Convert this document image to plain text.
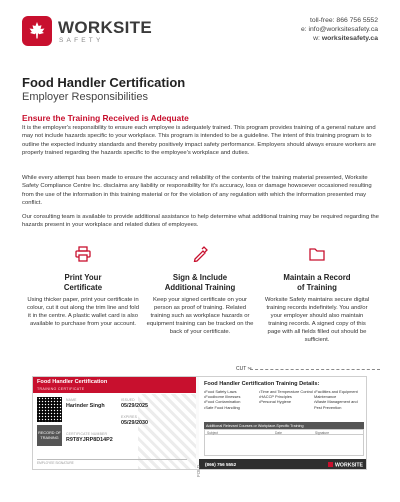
WORKSITE
SAFETY
toll-free: 866 756 5552
e: info@worksitesafety.ca
w: worksitesafety.ca
Food Handler Certification
Employer Responsibilities
Ensure the Training Received is Adequate

It is the employer's responsibility to ensure each employee is adequately trained. This program provides training of a general nature and may not include hazards specific to your workplace. This program is intended to be a guideline. The intent of this training program is to outline the expected industry standards and thereby positively impact safety performance. Employers should always ensure workers are properly trained regarding the hazards specific to the employee's workplace and duties.

While every attempt has been made to ensure the accuracy and reliability of the contents of the training material presented, Worksite Safety Compliance Centre Inc. disclaims any liability or responsibility for it's accuracy, loss or damage howsoever occasioned resulting from the use of the information in this training material or for the violation of any regulation with which the information presented may conflict.

Our consulting team is available to provide additional assistance to help determine what additional training may be required regarding the hazards present in your workplace and related duties of employees.

Print Your
Certificate

Using thicker paper, print your certificate in colour, cut it out along the trim line and fold it in the centre. A plastic wallet card is also available to purchase from your account.

Sign & Include
Additional Training

Keep your signed certificate on your person as proof of training. Related training such as workplace hazards or equipment training can be tracked on the back of your certificate.

Maintain a Record
of Training

Worksite Safety maintains secure digital training records indefinitely. You and/or your employer should also maintain training records. A signed copy of this page with all fields filled out should be sufficient.

CUT ✂
Food Handler Certification
TRAINING CERTIFICATE
RECORD OF
TRAINING
NAME
Harinder Singh
ISSUED
05/29/2025
EXPIRES
05/29/2030
CERTIFICATE NUMBER
R9T8YJRP8D14P2
EMPLOYEE SIGNATURE
Food Handler Certification Training Details:
• Food Safety Laws
• Foodborne Illnesses
• Food Contamination
• Safe Food Handling
• Time and Temperature Control
• HACCP Principles
• Personal Hygiene
• Facilities and Equipment Maintenance
• Waste Management and Pest Prevention
Additional Relevant Courses or Workplace-Specific Training
Subject	Date	Signature
(866) 756 5552	WORKSITE
FOLD
